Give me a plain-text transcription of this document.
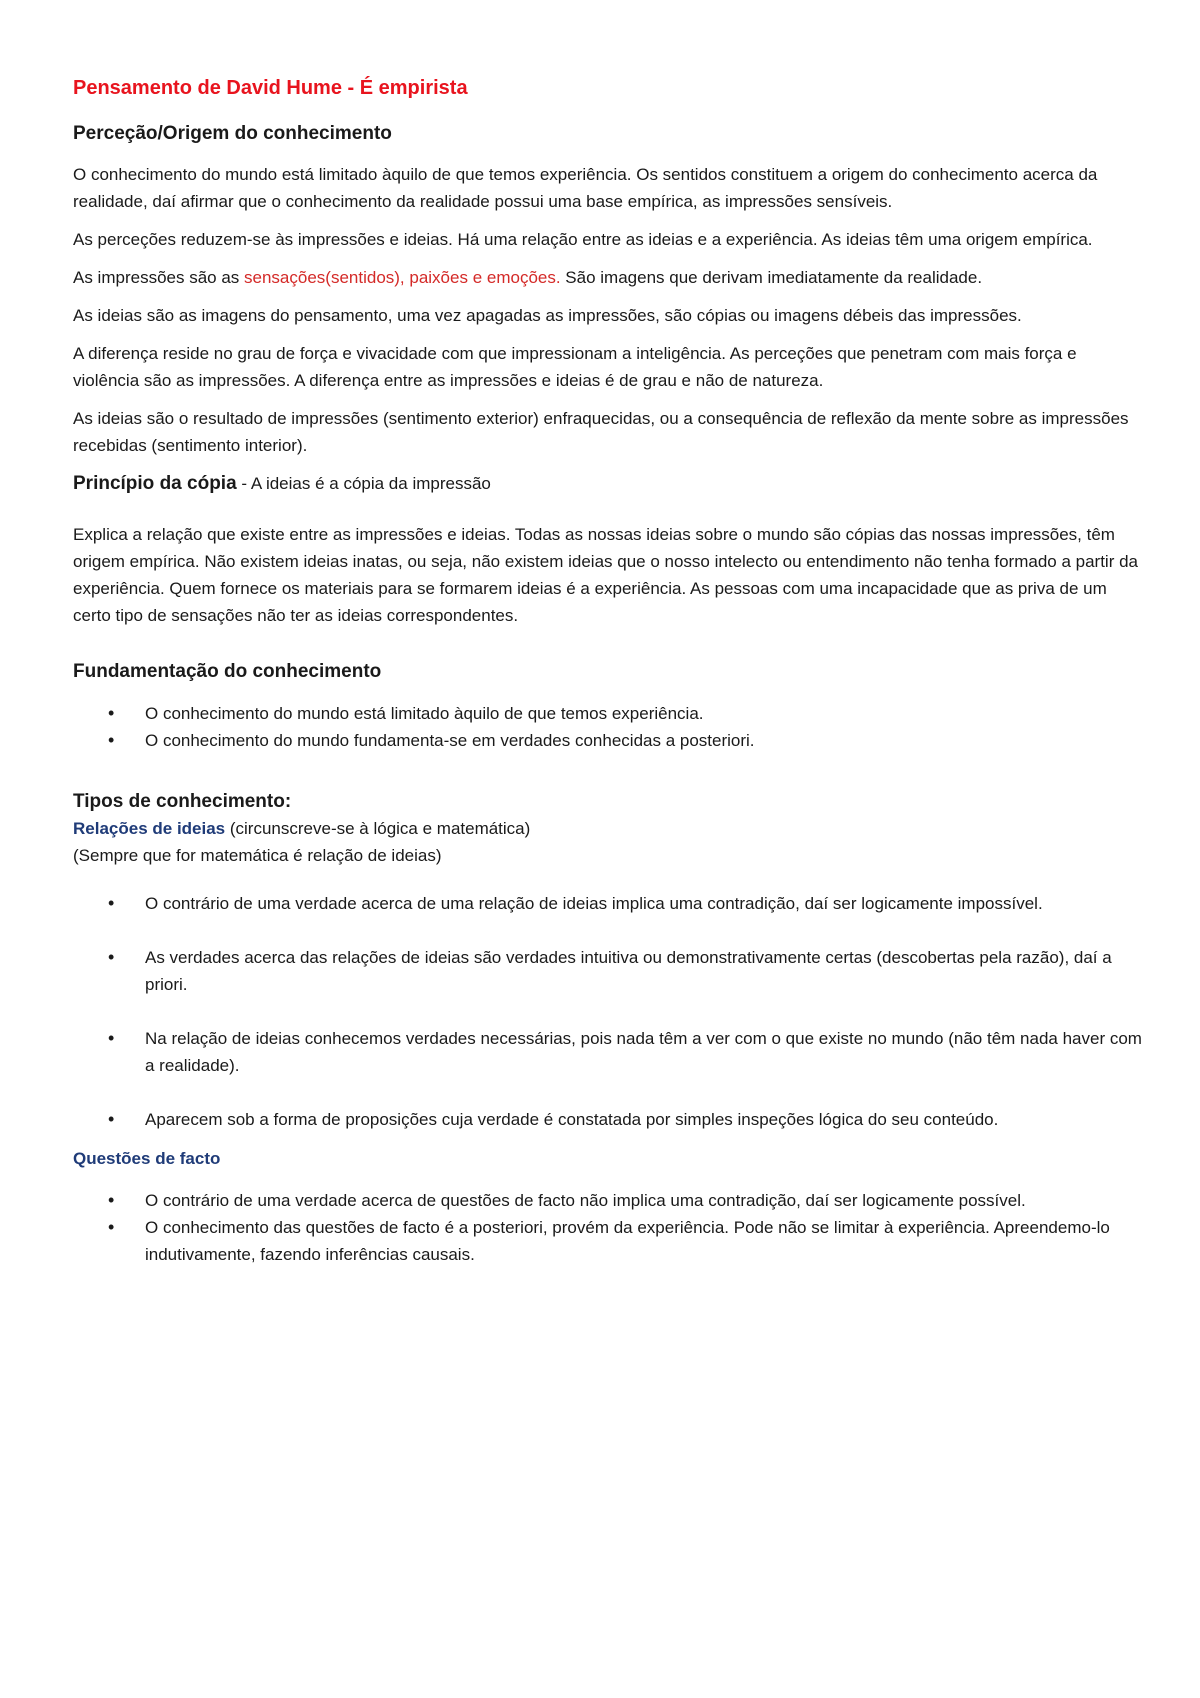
Pensamento de David Hume - É empirista

Perceção/Origem do conhecimento

O conhecimento do mundo está limitado àquilo de que temos experiência. Os sentidos constituem a origem do conhecimento acerca da realidade, daí afirmar que o conhecimento da realidade possui uma base empírica, as impressões sensíveis.

As perceções reduzem-se às impressões e ideias. Há uma relação entre as ideias e a experiência. As ideias têm uma origem empírica.

As impressões são as sensações(sentidos), paixões e emoções. São imagens que derivam imediatamente da realidade.

As ideias são as imagens do pensamento, uma vez apagadas as impressões, são cópias ou imagens débeis das impressões.

A diferença reside no grau de força e vivacidade com que impressionam a inteligência. As perceções que penetram com mais força e violência são as impressões. A diferença entre as impressões e ideias é de grau e não de natureza.

As ideias são o resultado de impressões (sentimento exterior) enfraquecidas, ou a consequência de reflexão da mente sobre as impressões recebidas (sentimento interior).

Princípio da cópia - A ideias é a cópia da impressão

Explica a relação que existe entre as impressões e ideias. Todas as nossas ideias sobre o mundo são cópias das nossas impressões, têm origem empírica. Não existem ideias inatas, ou seja, não existem ideias que o nosso intelecto ou entendimento não tenha formado a partir da experiência. Quem fornece os materiais para se formarem ideias é a experiência. As pessoas com uma incapacidade que as priva de um certo tipo de sensações não ter as ideias correspondentes.

Fundamentação do conhecimento

• O conhecimento do mundo está limitado àquilo de que temos experiência.
• O conhecimento do mundo fundamenta-se em verdades conhecidas a posteriori.

Tipos de conhecimento:

Relações de ideias (circunscreve-se à lógica e matemática)

(Sempre que for matemática é relação de ideias)

• O contrário de uma verdade acerca de uma relação de ideias implica uma contradição, daí ser logicamente impossível.
• As verdades acerca das relações de ideias são verdades intuitiva ou demonstrativamente certas (descobertas pela razão), daí a priori.
• Na relação de ideias conhecemos verdades necessárias, pois nada têm a ver com o que existe no mundo (não têm nada haver com a realidade).
• Aparecem sob a forma de proposições cuja verdade é constatada por simples inspeções lógica do seu conteúdo.

Questões de facto

• O contrário de uma verdade acerca de questões de facto não implica uma contradição, daí ser logicamente possível.
• O conhecimento das questões de facto é a posteriori, provém da experiência. Pode não se limitar à experiência. Apreendemo-lo indutivamente, fazendo inferências causais.
